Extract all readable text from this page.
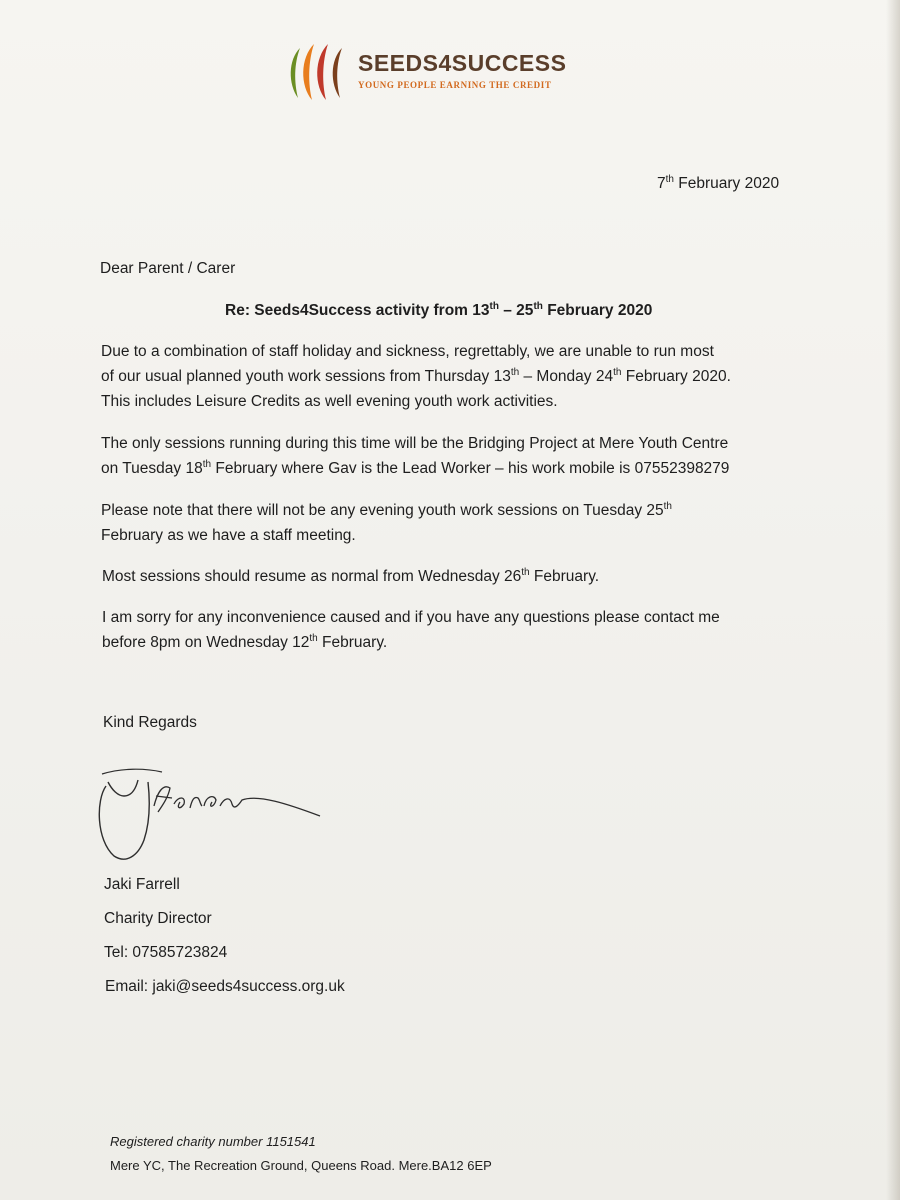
SEEDS4SUCCESS
YOUNG PEOPLE EARNING THE CREDIT
7th February 2020
Dear Parent / Carer
Re: Seeds4Success activity from 13th – 25th February 2020
Due to a combination of staff holiday and sickness, regrettably, we are unable to run most
of our usual planned youth work sessions from Thursday 13th – Monday 24th February 2020.
This includes Leisure Credits as well evening youth work activities.
The only sessions running during this time will be the Bridging Project at Mere Youth Centre
on Tuesday 18th February where Gav is the Lead Worker – his work mobile is 07552398279
Please note that there will not be any evening youth work sessions on Tuesday 25th
February as we have a staff meeting.
Most sessions should resume as normal from Wednesday 26th February.
I am sorry for any inconvenience caused and if you have any questions please contact me
before 8pm on Wednesday 12th February.
Kind Regards
Jaki Farrell
Charity Director
Tel: 07585723824
Email: jaki@seeds4success.org.uk
Registered charity number 1151541
Mere YC, The Recreation Ground, Queens Road. Mere.BA12 6EP
